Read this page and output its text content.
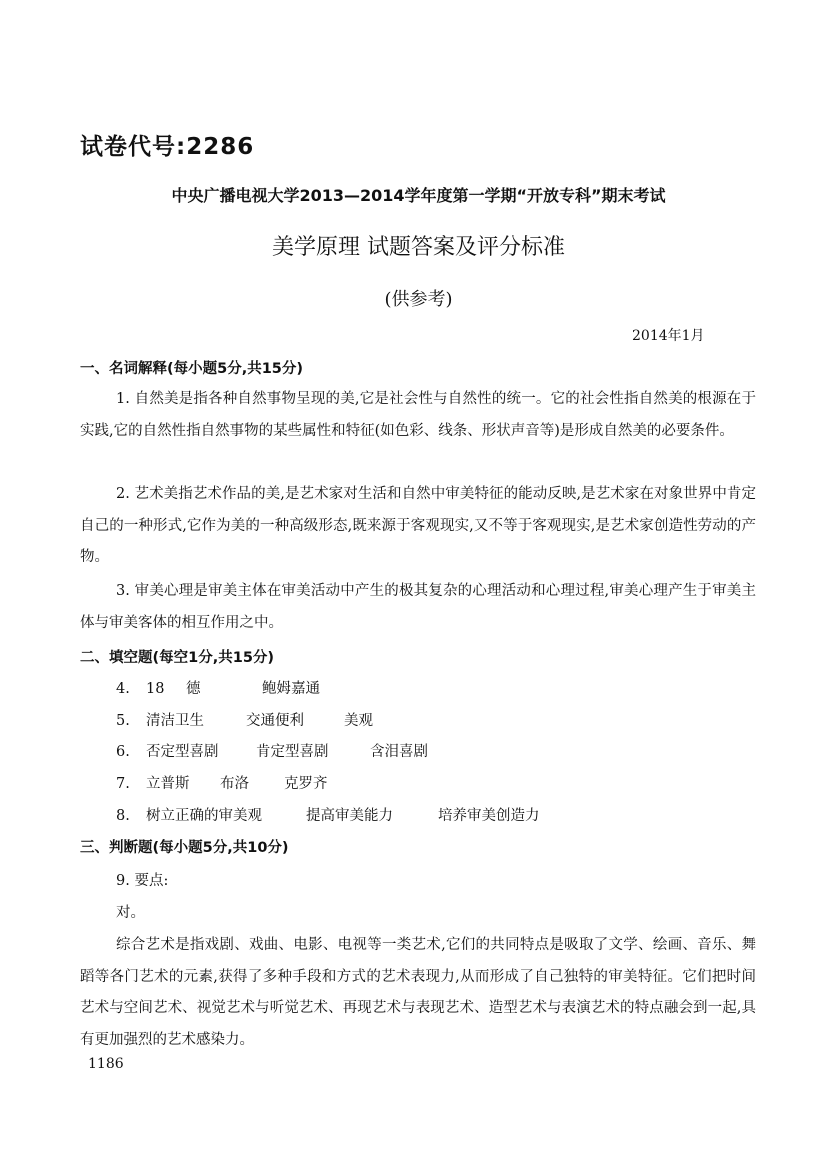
试卷代号:2286
中央广播电视大学2013—2014学年度第一学期“开放专科”期末考试
美学原理 试题答案及评分标准
(供参考)
2014年1月
一、名词解释(每小题5分,共15分)

1. 自然美是指各种自然事物呈现的美,它是社会性与自然性的统一。它的社会性指自然美的根源在于实践,它的自然性指自然事物的某些属性和特征(如色彩、线条、形状声音等)是形成自然美的必要条件。

2. 艺术美指艺术作品的美,是艺术家对生活和自然中审美特征的能动反映,是艺术家在对象世界中肯定自己的一种形式,它作为美的一种高级形态,既来源于客观现实,又不等于客观现实,是艺术家创造性劳动的产物。

3. 审美心理是审美主体在审美活动中产生的极其复杂的心理活动和心理过程,审美心理产生于审美主体与审美客体的相互作用之中。

二、填空题(每空1分,共15分)
4. 18 德	鲍姆嘉通
5. 清洁卫生	交通便利	美观
6. 否定型喜剧	肯定型喜剧	含泪喜剧
7. 立普斯 布洛 克罗齐
8. 树立正确的审美观	提高审美能力	培养审美创造力
三、判断题(每小题5分,共10分)
9. 要点:
对。

综合艺术是指戏剧、戏曲、电影、电视等一类艺术,它们的共同特点是吸取了文学、绘画、音乐、舞蹈等各门艺术的元素,获得了多种手段和方式的艺术表现力,从而形成了自己独特的审美特征。它们把时间艺术与空间艺术、视觉艺术与听觉艺术、再现艺术与表现艺术、造型艺术与表演艺术的特点融会到一起,具有更加强烈的艺术感染力。

1186
